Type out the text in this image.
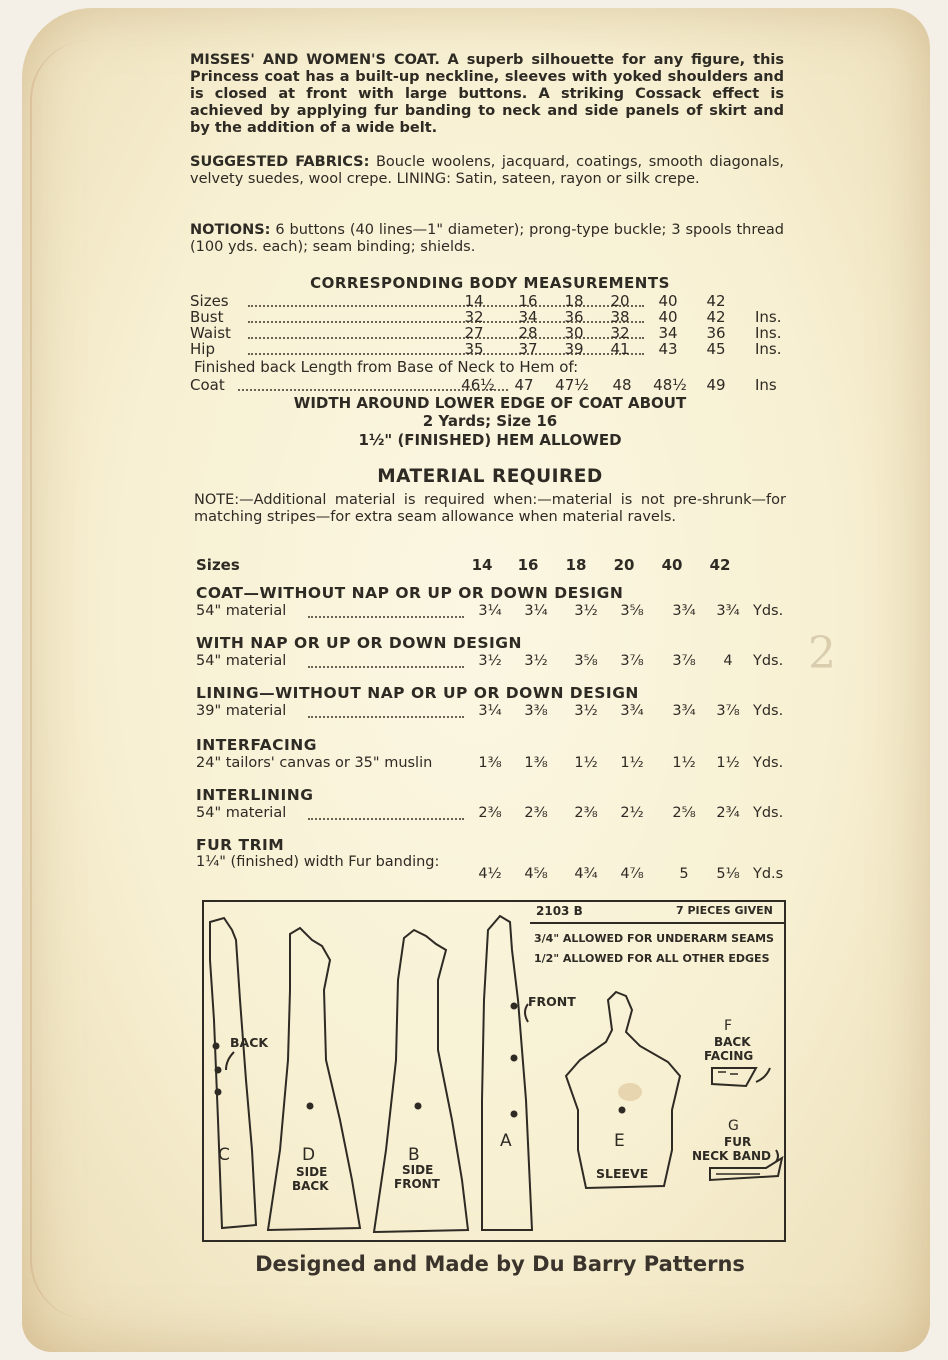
MISSES' AND WOMEN'S COAT. A superb silhouette for any figure, this Princess coat has a built-up neckline, sleeves with yoked shoulders and is closed at front with large buttons. A striking Cossack effect is achieved by applying fur banding to neck and side panels of skirt and by the addition of a wide belt.

SUGGESTED FABRICS: Boucle woolens, jacquard, coatings, smooth diagonals, velvety suedes, wool crepe. LINING: Satin, sateen, rayon or silk crepe.

NOTIONS: 6 buttons (40 lines—1" diameter); prong-type buckle; 3 spools thread (100 yds. each); seam binding; shields.

CORRESPONDING BODY MEASUREMENTS
Sizes	14	16	18	20	40	42
Bust	32	34	36	38	40	42	Ins.
Waist	27	28	30	32	34	36	Ins.
Hip	35	37	39	41	43	45	Ins.
Finished back Length from Base of Neck to Hem of:
Coat	46½	47	47½	48	48½	49	Ins
WIDTH AROUND LOWER EDGE OF COAT ABOUT
2 Yards; Size 16
1½" (FINISHED) HEM ALLOWED
MATERIAL REQUIRED

NOTE:—Additional material is required when:—material is not pre-shrunk—for matching stripes—for extra seam allowance when material ravels.

Sizes	14	16	18	20	40	42
COAT—WITHOUT NAP OR UP OR DOWN DESIGN
54" material	3¼	3¼	3½	3⅝	3¾	3¾ Yds.
WITH NAP OR UP OR DOWN DESIGN
54" material	3½	3½	3⅝	3⅞	3⅞	4	Yds.
LINING—WITHOUT NAP OR UP OR DOWN DESIGN
39" material	3¼	3⅜	3½	3¾	3¾	3⅞ Yds.
INTERFACING
24" tailors' canvas or 35" muslin	1⅜	1⅜	1½	1½	1½	1½ Yds.
INTERLINING
54" material	2⅜	2⅜	2⅜	2½	2⅝	2¾ Yds.
FUR TRIM
1¼" (finished) width Fur banding:
4½	4⅝	4¾	4⅞	5	5⅛ Yd.s
BACK
C	D
SIDE
BACK
B
SIDE
FRONT
A
FRONT
E
SLEEVE
F
BACK
FACING
G
FUR
NECK BAND
2103 B	7 PIECES GIVEN
3/4" ALLOWED FOR UNDERARM SEAMS
1/2" ALLOWED FOR ALL OTHER EDGES
Designed and Made by Du Barry Patterns
2
